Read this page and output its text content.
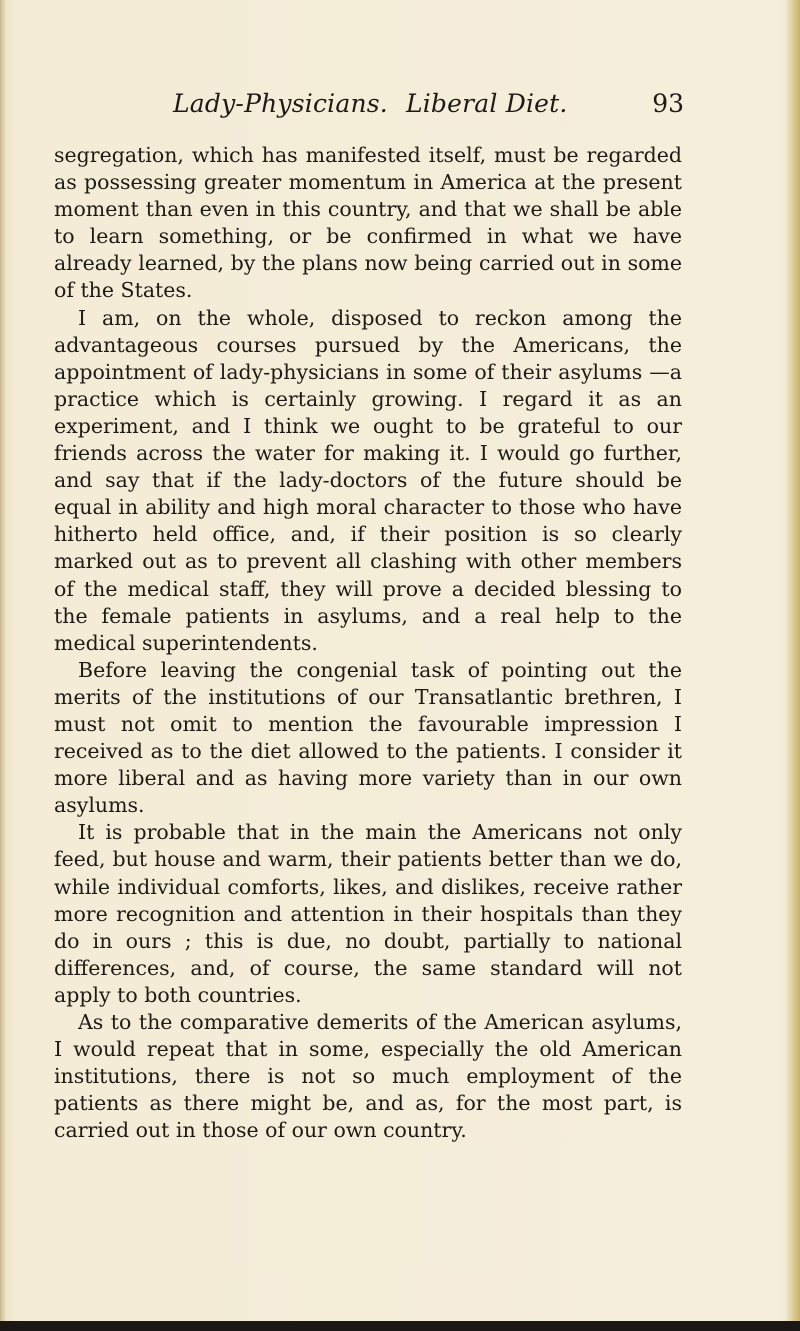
Lady-Physicians. Liberal Diet.	93

segregation, which has manifested itself, must be regarded as possessing greater momentum in America at the present moment than even in this country, and that we shall be able to learn something, or be confirmed in what we have already learned, by the plans now being carried out in some of the States.

I am, on the whole, disposed to reckon among the advantageous courses pursued by the Americans, the appointment of lady-physicians in some of their asylums —a practice which is certainly growing. I regard it as an experiment, and I think we ought to be grateful to our friends across the water for making it. I would go further, and say that if the lady-doctors of the future should be equal in ability and high moral character to those who have hitherto held office, and, if their position is so clearly marked out as to prevent all clashing with other members of the medical staff, they will prove a decided blessing to the female patients in asylums, and a real help to the medical superintendents.

Before leaving the congenial task of pointing out the merits of the institutions of our Transatlantic brethren, I must not omit to mention the favourable impression I received as to the diet allowed to the patients. I consider it more liberal and as having more variety than in our own asylums.

It is probable that in the main the Americans not only feed, but house and warm, their patients better than we do, while individual comforts, likes, and dislikes, receive rather more recognition and attention in their hospitals than they do in ours ; this is due, no doubt, partially to national differences, and, of course, the same standard will not apply to both countries.

As to the comparative demerits of the American asylums, I would repeat that in some, especially the old American institutions, there is not so much employment of the patients as there might be, and as, for the most part, is carried out in those of our own country.
